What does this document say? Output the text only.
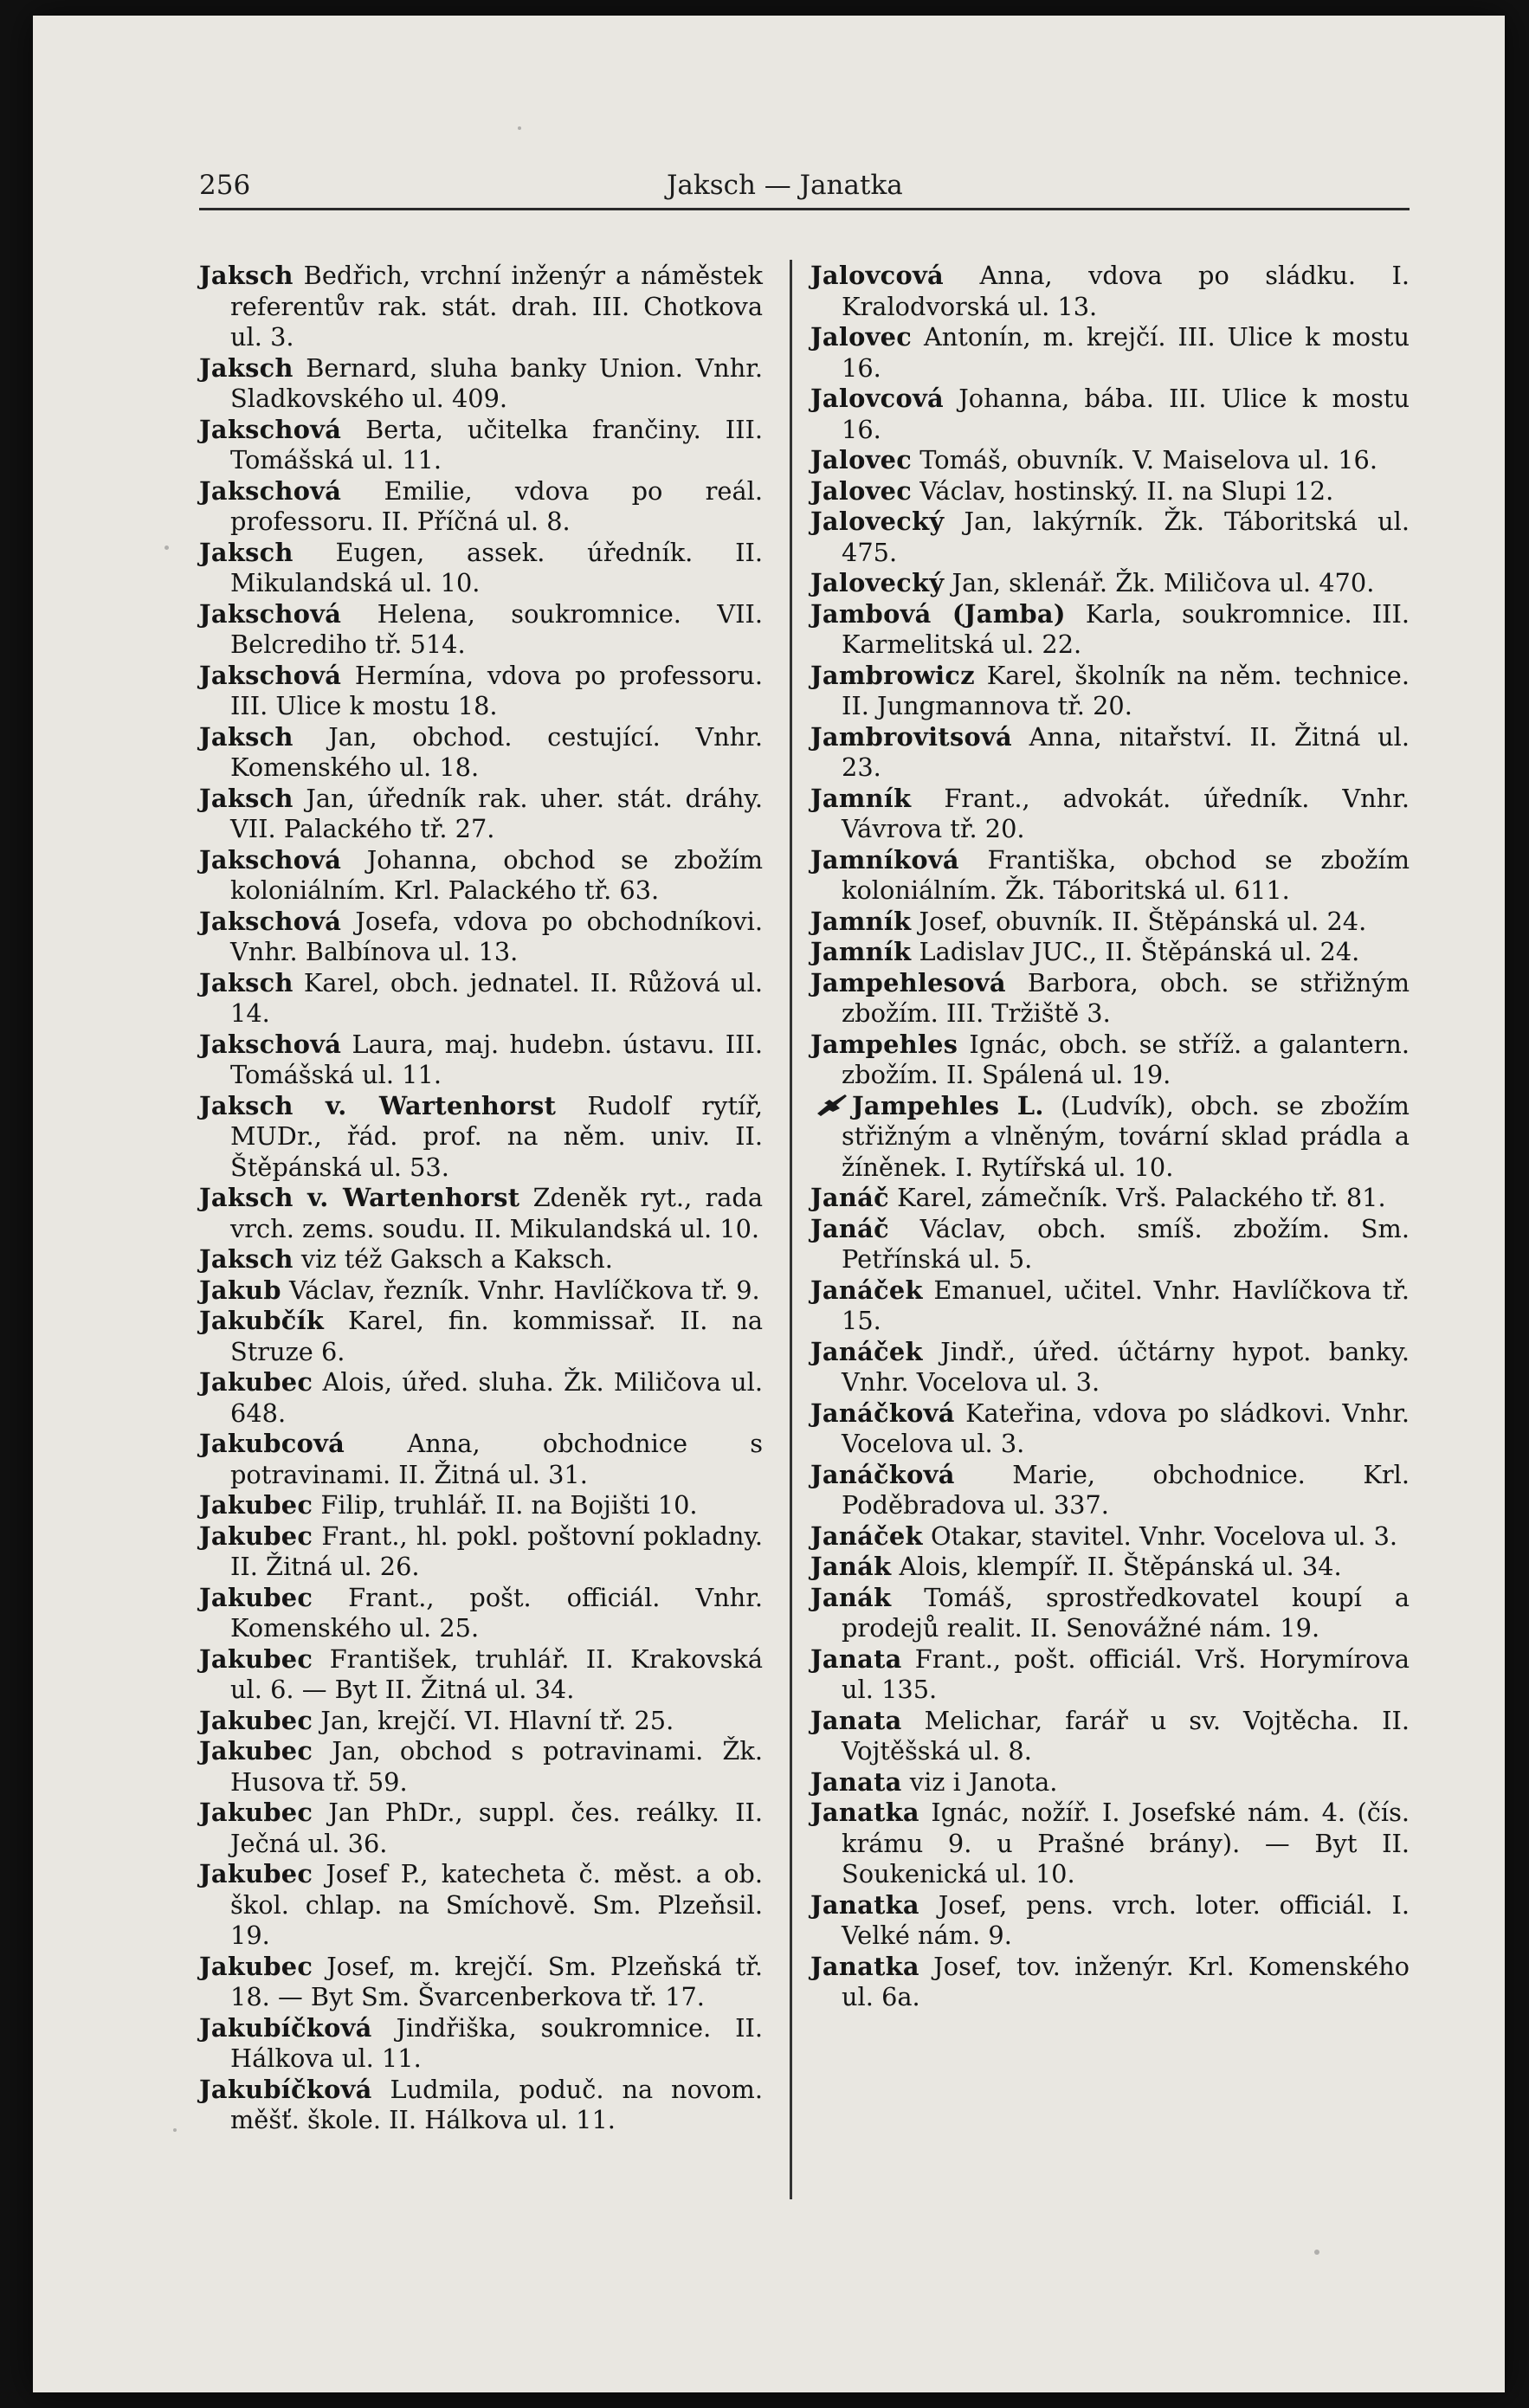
256	Jaksch — Janatka

Jaksch Bedřich, vrchní inženýr a náměstek referentův rak. stát. drah. III. Chotkova ul. 3.

Jaksch Bernard, sluha banky Union. Vnhr. Sladkovského ul. 409.

Jakschová Berta, učitelka frančiny. III. Tomášská ul. 11.

Jakschová Emilie, vdova po reál. professoru. II. Příčná ul. 8.

Jaksch Eugen, assek. úředník. II. Mikulandská ul. 10.

Jakschová Helena, soukromnice. VII. Belcrediho tř. 514.

Jakschová Hermína, vdova po professoru. III. Ulice k mostu 18.

Jaksch Jan, obchod. cestující. Vnhr. Komenského ul. 18.

Jaksch Jan, úředník rak. uher. stát. dráhy. VII. Palackého tř. 27.

Jakschová Johanna, obchod se zbožím koloniálním. Krl. Palackého tř. 63.

Jakschová Josefa, vdova po obchodníkovi. Vnhr. Balbínova ul. 13.

Jaksch Karel, obch. jednatel. II. Růžová ul. 14.

Jakschová Laura, maj. hudebn. ústavu. III. Tomášská ul. 11.

Jaksch v. Wartenhorst Rudolf rytíř, MUDr., řád. prof. na něm. univ. II. Štěpánská ul. 53.

Jaksch v. Wartenhorst Zdeněk ryt., rada vrch. zems. soudu. II. Mikulandská ul. 10.

Jaksch viz též Gaksch a Kaksch.

Jakub Václav, řezník. Vnhr. Havlíčkova tř. 9.

Jakubčík Karel, fin. kommissař. II. na Struze 6.

Jakubec Alois, úřed. sluha. Žk. Miličova ul. 648.

Jakubcová Anna, obchodnice s potravinami. II. Žitná ul. 31.

Jakubec Filip, truhlář. II. na Bojišti 10.

Jakubec Frant., hl. pokl. poštovní pokladny. II. Žitná ul. 26.

Jakubec Frant., pošt. officiál. Vnhr. Komenského ul. 25.

Jakubec František, truhlář. II. Krakovská ul. 6. — Byt II. Žitná ul. 34.

Jakubec Jan, krejčí. VI. Hlavní tř. 25.

Jakubec Jan, obchod s potravinami. Žk. Husova tř. 59.

Jakubec Jan PhDr., suppl. čes. reálky. II. Ječná ul. 36.

Jakubec Josef P., katecheta č. měst. a ob. škol. chlap. na Smíchově. Sm. Plzeňsil. 19.

Jakubec Josef, m. krejčí. Sm. Plzeňská tř. 18. — Byt Sm. Švarcenberkova tř. 17.

Jakubíčková Jindřiška, soukromnice. II. Hálkova ul. 11.

Jakubíčková Ludmila, poduč. na novom. měšť. škole. II. Hálkova ul. 11.

Jalovcová Anna, vdova po sládku. I. Kralodvorská ul. 13.

Jalovec Antonín, m. krejčí. III. Ulice k mostu 16.

Jalovcová Johanna, bába. III. Ulice k mostu 16.

Jalovec Tomáš, obuvník. V. Maiselova ul. 16.

Jalovec Václav, hostinský. II. na Slupi 12.

Jalovecký Jan, lakýrník. Žk. Táboritská ul. 475.

Jalovecký Jan, sklenář. Žk. Miličova ul. 470.

Jambová (Jamba) Karla, soukromnice. III. Karmelitská ul. 22.

Jambrowicz Karel, školník na něm. technice. II. Jungmannova tř. 20.

Jambrovitsová Anna, nitařství. II. Žitná ul. 23.

Jamník Frant., advokát. úředník. Vnhr. Vávrova tř. 20.

Jamníková Františka, obchod se zbožím koloniálním. Žk. Táboritská ul. 611.

Jamník Josef, obuvník. II. Štěpánská ul. 24.

Jamník Ladislav JUC., II. Štěpánská ul. 24.

Jampehlesová Barbora, obch. se střižným zbožím. III. Tržiště 3.

Jampehles Ignác, obch. se stříž. a galantern. zbožím. II. Spálená ul. 19.

Jampehles L. (Ludvík), obch. se zbožím střižným a vlněným, tovární sklad prádla a žíněnek. I. Rytířská ul. 10.

Janáč Karel, zámečník. Vrš. Palackého tř. 81.

Janáč Václav, obch. smíš. zbožím. Sm. Petřínská ul. 5.

Janáček Emanuel, učitel. Vnhr. Havlíčkova tř. 15.

Janáček Jindř., úřed. účtárny hypot. banky. Vnhr. Vocelova ul. 3.

Janáčková Kateřina, vdova po sládkovi. Vnhr. Vocelova ul. 3.

Janáčková Marie, obchodnice. Krl. Poděbradova ul. 337.

Janáček Otakar, stavitel. Vnhr. Vocelova ul. 3.

Janák Alois, klempíř. II. Štěpánská ul. 34.

Janák Tomáš, sprostředkovatel koupí a prodejů realit. II. Senovážné nám. 19.

Janata Frant., pošt. officiál. Vrš. Horymírova ul. 135.

Janata Melichar, farář u sv. Vojtěcha. II. Vojtěšská ul. 8.

Janata viz i Janota.

Janatka Ignác, nožíř. I. Josefské nám. 4. (čís. krámu 9. u Prašné brány). — Byt II. Soukenická ul. 10.

Janatka Josef, pens. vrch. loter. officiál. I. Velké nám. 9.

Janatka Josef, tov. inženýr. Krl. Komenského ul. 6a.
